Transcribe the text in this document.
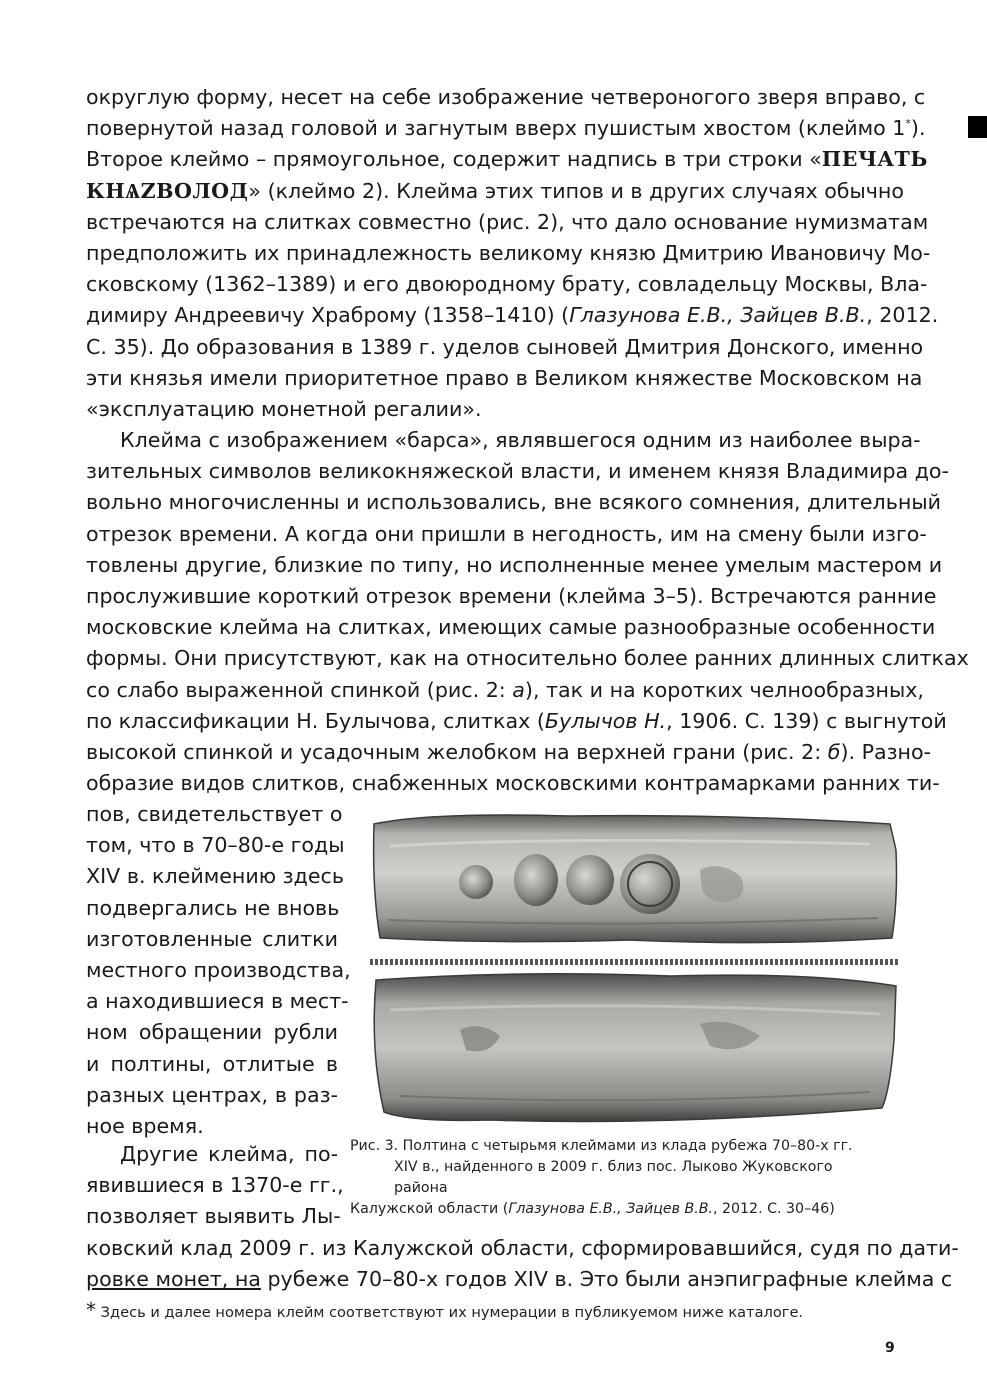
округлую форму, несет на себе изображение четвероногого зверя вправо, с

повернутой назад головой и загнутым вверх пушистым хвостом (клеймо 1*).

Второе клеймо – прямоугольное, содержит надпись в три строки «ПЕЧАТЬ

КНѦZВОЛОД» (клеймо 2). Клейма этих типов и в других случаях обычно

встречаются на слитках совместно (рис. 2), что дало основание нумизматам

предположить их принадлежность великому князю Дмитрию Ивановичу Мо-

сковскому (1362–1389) и его двоюродному брату, совладельцу Москвы, Вла-

димиру Андреевичу Храброму (1358–1410) (Глазунова Е.В., Зайцев В.В., 2012.

С. 35). До образования в 1389 г. уделов сыновей Дмитрия Донского, именно

эти князья имели приоритетное право в Великом княжестве Московском на

«эксплуатацию монетной регалии».

Клейма с изображением «барса», являвшегося одним из наиболее выра-

зительных символов великокняжеской власти, и именем князя Владимира до-

вольно многочисленны и использовались, вне всякого сомнения, длительный

отрезок времени. А когда они пришли в негодность, им на смену были изго-

товлены другие, близкие по типу, но исполненные менее умелым мастером и

прослужившие короткий отрезок времени (клейма 3–5). Встречаются ранние

московские клейма на слитках, имеющих самые разнообразные особенности

формы. Они присутствуют, как на относительно более ранних длинных слитках

со слабо выраженной спинкой (рис. 2: а), так и на коротких челнообразных,

по классификации Н. Булычова, слитках (Булычов Н., 1906. С. 139) с выгнутой

высокой спинкой и усадочным желобком на верхней грани (рис. 2: б). Разно-

образие видов слитков, снабженных московскими контрамарками ранних ти-

пов, свидетельствует о

том, что в 70–80-е годы

XIV в. клеймению здесь

подвергались не вновь

изготовленные слитки

местного производства,

а находившиеся в мест-

ном обращении рубли

и полтины, отлитые в

разных центрах, в раз-

ное время.

Другие клейма, по-

явившиеся в 1370-е гг.,

позволяет выявить Лы-

ковский клад 2009 г. из Калужской области, сформировавшийся, судя по дати-

ровке монет, на рубеже 70–80-х годов XIV в. Это были анэпиграфные клейма с

Рис. 3. Полтина с четырьмя клеймами из клада рубежа 70–80-х гг.
XIV в., найденного в 2009 г. близ пос. Лыково Жуковского района
Калужской области (Глазунова Е.В., Зайцев В.В., 2012. С. 30–46)
* Здесь и далее номера клейм соответствуют их нумерации в публикуемом ниже каталоге.
9
